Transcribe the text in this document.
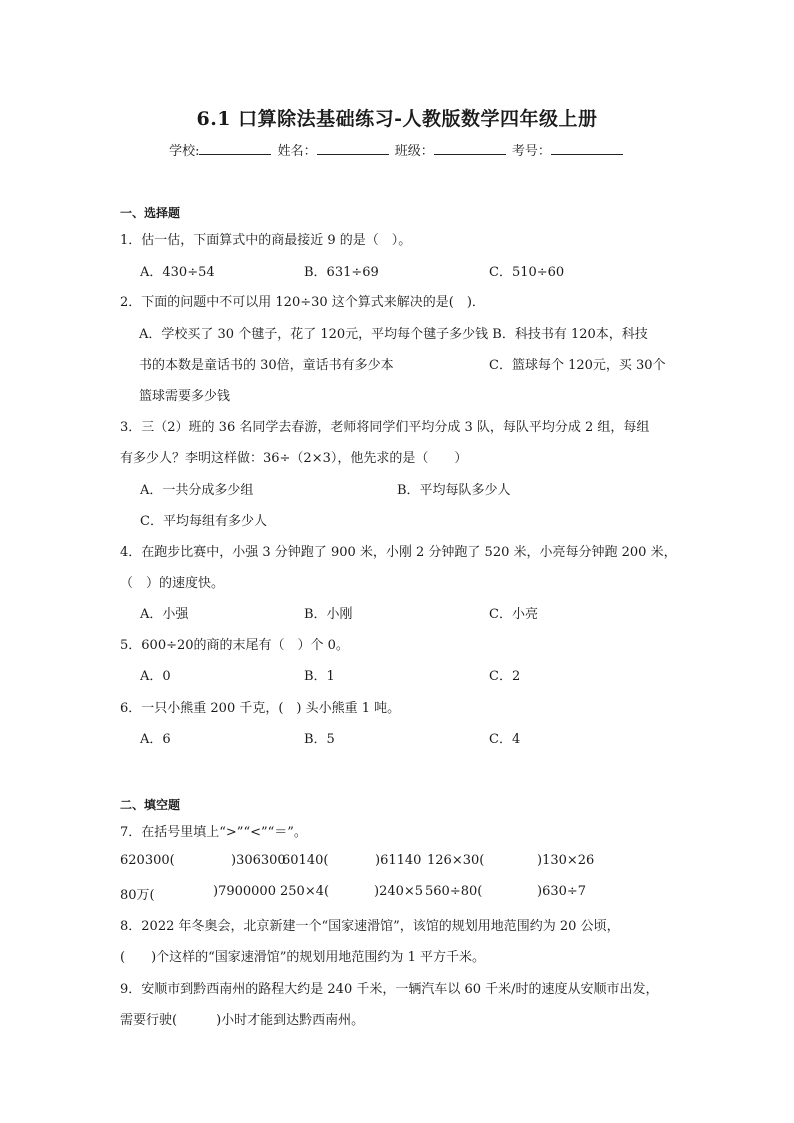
6.1 口算除法基础练习-人教版数学四年级上册
学校:	姓名：	班级：	考号：
一、选择题
1．估一估，下面算式中的商最接近 9 的是（　）。
A．430÷54	B．631÷69	C．510÷60
2．下面的问题中不可以用 120÷30 这个算式来解决的是(　)．
A．学校买了 30 个毽子，花了 120元，平均每个毽子多少钱 B．科技书有 120本，科技
书的本数是童话书的 30倍，童话书有多少本	C．篮球每个 120元，买 30个
篮球需要多少钱
3．三（2）班的 36 名同学去春游，老师将同学们平均分成 3 队，每队平均分成 2 组，每组
有多少人？李明这样做：36÷（2×3），他先求的是（　　）
A．一共分成多少组	B．平均每队多少人
C．平均每组有多少人
4．在跑步比赛中，小强 3 分钟跑了 900 米，小刚 2 分钟跑了 520 米，小亮每分钟跑 200 米，
（　）的速度快。
A．小强	B．小刚	C．小亮
5．600÷20的商的末尾有（　）个 0。
A．0	B．1	C．2
6．一只小熊重 200 千克，(　) 头小熊重 1 吨。
A．6	B．5	C．4
二、填空题
7．在括号里填上“>”“<”“＝”。
620300(	)306300
60140(	)61140 126×30(	)130×26
80万(	)7900000 250×4(	)240×5 560÷80(	)630÷7
8．2022 年冬奥会，北京新建一个“国家速滑馆”，该馆的规划用地范围约为 20 公顷，
(　　)个这样的“国家速滑馆”的规划用地范围约为 1 平方千米。
9．安顺市到黔西南州的路程大约是 240 千米，一辆汽车以 60 千米/时的速度从安顺市出发，
需要行驶(　　　)小时才能到达黔西南州。
